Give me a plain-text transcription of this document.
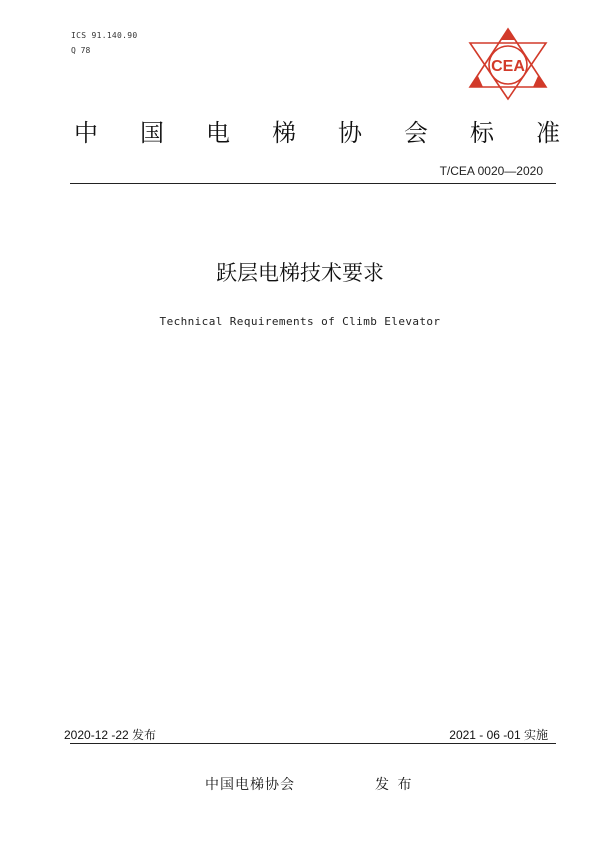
ICS 91.140.90
Q 78
CEA
中 国 电 梯 协 会 标 准
T/CEA 0020—2020
跃层电梯技术要求
Technical Requirements of Climb Elevator
2020-12 -22 发布	2021 - 06 -01 实施
中国电梯协会	发 布
